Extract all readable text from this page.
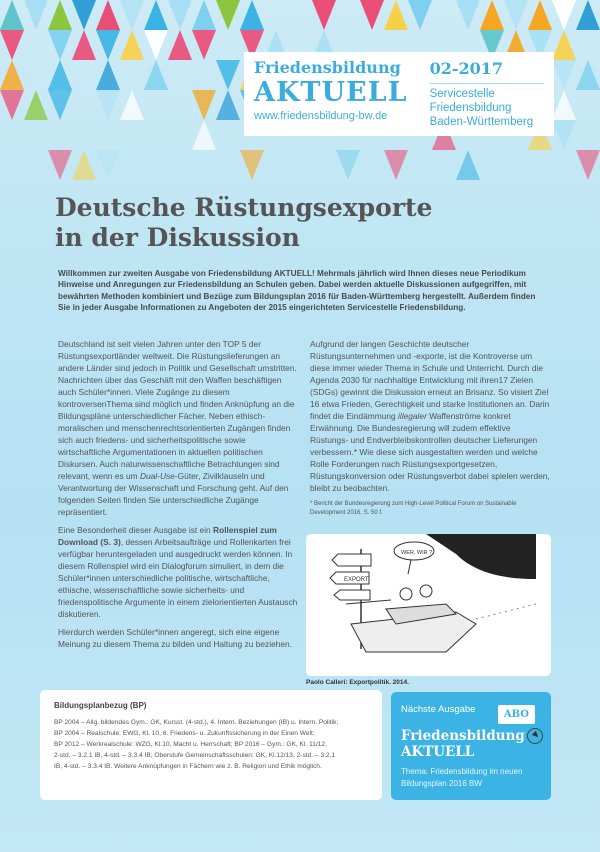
Friedensbildung
AKTUELL
www.friedensbildung-bw.de
02-2017
Servicestelle
Friedensbildung
Baden-Württemberg
Deutsche Rüstungsexporte
in der Diskussion
Willkommen zur zweiten Ausgabe von Friedensbildung AKTUELL! Mehrmals jährlich wird Ihnen dieses neue Periodikum Hinweise und Anregungen zur Friedensbildung an Schulen geben. Dabei werden aktuelle Diskussionen aufgegriffen, mit bewährten Methoden kombiniert und Bezüge zum Bildungsplan 2016 für Baden-Württemberg hergestellt. Außerdem finden Sie in jeder Ausgabe Informationen zu Angeboten der 2015 eingerichteten Servicestelle Friedensbildung.

Deutschland ist seit vielen Jahren unter den TOP 5 der Rüstungsexportländer weltweit. Die Rüstungslieferungen an andere Länder sind jedoch in Politik und Gesellschaft umstritten. Nachrichten über das Geschäft mit den Waffen beschäftigen auch Schüler*innen. Viele Zugänge zu diesem kontroversenThema sind möglich und finden Anknüpfung an die Bildungspläne unterschiedlicher Fächer. Neben ethisch-moralischen und menschenrechtsorientierten Zugängen finden sich auch friedens- und sicherheitspolitische sowie wirtschaftliche Argumentationen in aktuellen politischen Diskursen. Auch naturwissenschaftliche Betrachtungen sind relevant, wenn es um Dual-Use-Güter, Zivilklauseln und Verantwortung der Wissenschaft und Forschung geht. Auf den folgenden Seiten finden Sie unterschiedliche Zugänge repräsentiert.

Eine Besonderheit dieser Ausgabe ist ein Rollenspiel zum Download (S. 3), dessen Arbeitsaufträge und Rollenkarten frei verfügbar heruntergeladen und ausgedruckt werden können. In diesem Rollenspiel wird ein Dialogforum simuliert, in dem die Schüler*innen unterschiedliche politische, wirtschaftliche, ethische, wissenschaftliche sowie sicherheits- und friedenspolitische Argumente in einem zielorientierten Austausch diskutieren.

Hierdurch werden Schüler*innen angeregt, sich eine eigene Meinung zu diesem Thema zu bilden und Haltung zu beziehen.

Aufgrund der langen Geschichte deutscher Rüstungsunternehmen und -exporte, ist die Kontroverse um diese immer wieder Thema in Schule und Unterricht. Durch die Agenda 2030 für nachhaltige Entwicklung mit ihren17 Zielen (SDGs) gewinnt die Diskussion erneut an Brisanz. So visiert Ziel 16 etwa Frieden, Gerechtigkeit und starke Institutionen an. Darin findet die Eindämmung illegaler Waffenströme konkret Erwähnung. Die Bundesregierung will zudem effektive Rüstungs- und Endverbleibskontrollen deutscher Lieferungen verbessern.* Wie diese sich ausgestalten werden und welche Rolle Forderungen nach Rüstungsexportgesetzen, Rüstungskonversion oder Rüstungsverbot dabei spielen werden, bleibt zu beobachten.

* Bericht der Bundesregierung zum High-Level Political Forum on Sustainable Development 2016, S. 50 f.
EXPORT
WER, WIR ?
Paolo Calleri: Exportpolitik. 2014.
Bildungsplanbezug (BP)
BP 2004 – Allg. bildendes Gym.: GK, Kursst. (4-std.), 4. Intern. Beziehungen (IB) u. Intern. Politik;
BP 2004 – Realschule: EWG, Kl. 10, 6. Friedens- u. Zukunftssicherung in der Einen Welt;
BP 2012 – Werkrealschule: WZG, Kl.10, Macht u. Herrschaft; BP 2016 – Gym.: GK, Kl. 11/12,
2-std. – 3.2.1 IB, 4-std. – 3.3.4 IB; Oberstufe Gemeinschaftsschulen: GK, Kl.12/13, 2-std. – 3.2.1
IB, 4-std. – 3.3.4 IB. Weitere Anknüpfungen in Fächern wie z. B. Religion und Ethik möglich.
Nächste Ausgabe	ABO
Friedensbildung
AKTUELL
Thema: Friedensbildung im neuen Bildungsplan 2016 BW
